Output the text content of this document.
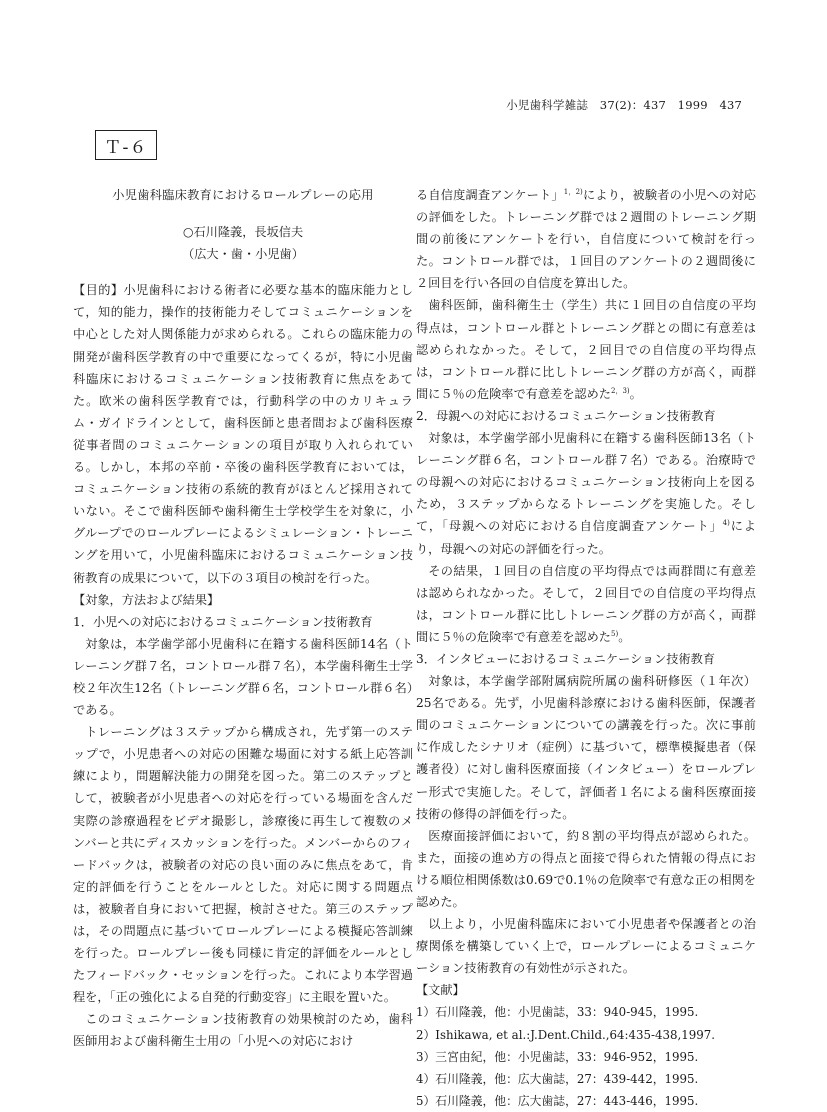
小児歯科学雑誌　37(2)：437　1999　437
Ｔ-６

小児歯科臨床教育におけるロールプレーの応用

○石川隆義，長坂信夫

（広大・歯・小児歯）

【目的】小児歯科における術者に必要な基本的臨床能力として，知的能力，操作的技術能力そしてコミュニケーションを中心とした対人関係能力が求められる。これらの臨床能力の開発が歯科医学教育の中で重要になってくるが，特に小児歯科臨床におけるコミュニケーション技術教育に焦点をあてた。欧米の歯科医学教育では，行動科学の中のカリキュラム・ガイドラインとして，歯科医師と患者間および歯科医療従事者間のコミュニケーションの項目が取り入れられている。しかし，本邦の卒前・卒後の歯科医学教育においては，コミュニケーション技術の系統的教育がほとんど採用されていない。そこで歯科医師や歯科衛生士学校学生を対象に，小グループでのロールプレーによるシミュレーション・トレーニングを用いて，小児歯科臨床におけるコミュニケーション技術教育の成果について，以下の３項目の検討を行った。

【対象，方法および結果】

1．小児への対応におけるコミュニケーション技術教育

対象は，本学歯学部小児歯科に在籍する歯科医師14名（トレーニング群７名，コントロール群７名），本学歯科衛生士学校２年次生12名（トレーニング群６名，コントロール群６名）である。

トレーニングは３ステップから構成され，先ず第一のステップで，小児患者への対応の困難な場面に対する紙上応答訓練により，問題解決能力の開発を図った。第二のステップとして，被験者が小児患者への対応を行っている場面を含んだ実際の診療過程をビデオ撮影し，診療後に再生して複数のメンバーと共にディスカッションを行った。メンバーからのフィードバックは，被験者の対応の良い面のみに焦点をあて，肯定的評価を行うことをルールとした。対応に関する問題点は，被験者自身において把握，検討させた。第三のステップは，その問題点に基づいてロールプレーによる模擬応答訓練を行った。ロールプレー後も同様に肯定的評価をルールとしたフィードバック・セッションを行った。これにより本学習過程を，「正の強化による自発的行動変容」に主眼を置いた。

このコミュニケーション技術教育の効果検討のため，歯科医師用および歯科衛生士用の「小児への対応におけ

る自信度調査アンケート」$^{1,2)}$により，被験者の小児への対応の評価をした。トレーニング群では２週間のトレーニング期間の前後にアンケートを行い，自信度について検討を行った。コントロール群では，１回目のアンケートの２週間後に２回目を行い各回の自信度を算出した。

歯科医師，歯科衛生士（学生）共に１回目の自信度の平均得点は，コントロール群とトレーニング群との間に有意差は認められなかった。そして，２回目での自信度の平均得点は，コントロール群に比しトレーニング群の方が高く，両群間に５％の危険率で有意差を認めた$^{2,3)}$。

2．母親への対応におけるコミュニケーション技術教育

対象は，本学歯学部小児歯科に在籍する歯科医師13名（トレーニング群６名，コントロール群７名）である。治療時での母親への対応におけるコミュニケーション技術向上を図るため，３ステップからなるトレーニングを実施した。そして，「母親への対応における自信度調査アンケート」$^{4)}$により，母親への対応の評価を行った。

その結果，１回目の自信度の平均得点では両群間に有意差は認められなかった。そして，２回目での自信度の平均得点は，コントロール群に比しトレーニング群の方が高く，両群間に５％の危険率で有意差を認めた$^{5)}$。

3．インタビューにおけるコミュニケーション技術教育

対象は，本学歯学部附属病院所属の歯科研修医（１年次）25名である。先ず，小児歯科診療における歯科医師，保護者間のコミュニケーションについての講義を行った。次に事前に作成したシナリオ（症例）に基づいて，標準模擬患者（保護者役）に対し歯科医療面接（インタビュー）をロールプレー形式で実施した。そして，評価者１名による歯科医療面接技術の修得の評価を行った。

医療面接評価において，約８割の平均得点が認められた。また，面接の進め方の得点と面接で得られた情報の得点における順位相関係数は0.69で0.1％の危険率で有意な正の相関を認めた。

以上より，小児歯科臨床において小児患者や保護者との治療関係を構築していく上で，ロールプレーによるコミュニケーション技術教育の有効性が示された。

【文献】

1）石川隆義，他：小児歯誌，33：940-945，1995.

2）Ishikawa, et al.:J.Dent.Child.,64:435-438,1997.

3）三宮由紀，他：小児歯誌，33：946-952，1995.

4）石川隆義，他：広大歯誌，27：439-442，1995.

5）石川隆義，他：広大歯誌，27：443-446，1995.
